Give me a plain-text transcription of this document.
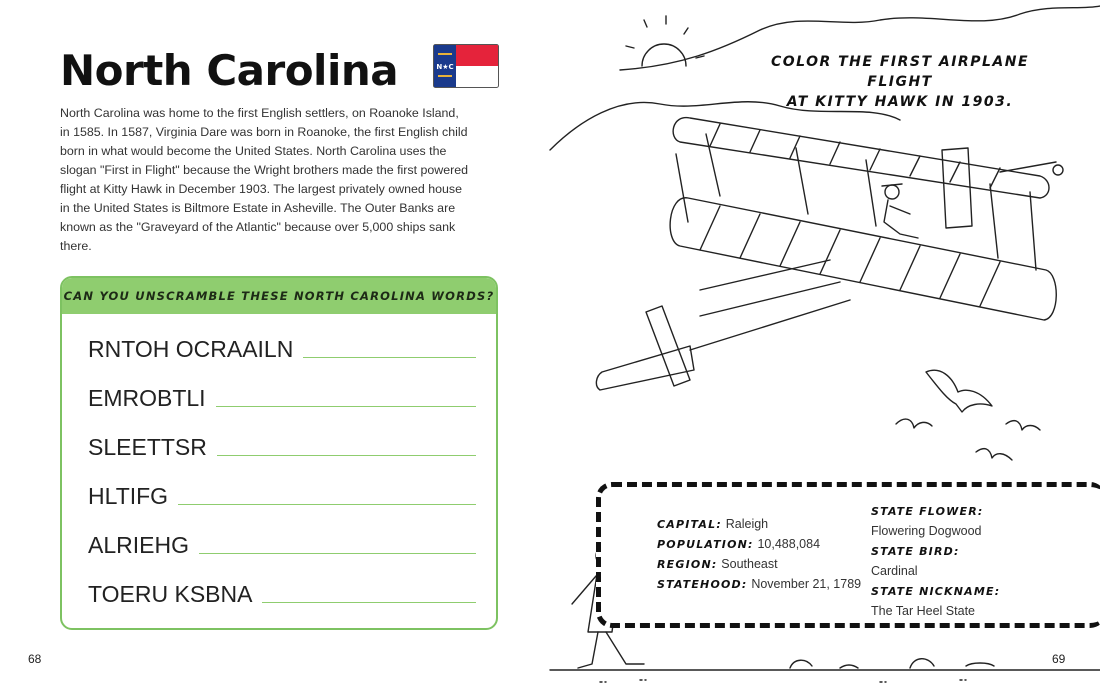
North Carolina	N★C

North Carolina was home to the first English settlers, on Roanoke Island, in 1585. In 1587, Virginia Dare was born in Roanoke, the first English child born in what would become the United States. North Carolina uses the slogan "First in Flight" because the Wright brothers made the first powered flight at Kitty Hawk in December 1903. The largest privately owned house in the United States is Biltmore Estate in Asheville. The Outer Banks are known as the "Graveyard of the Atlantic" because over 5,000 ships sank there.

CAN YOU UNSCRAMBLE THESE NORTH CAROLINA WORDS?
RNTOH OCRAAILN
EMROBTLI
SLEETTSR
HLTIFG
ALRIEHG
TOERU KSBNA
68
COLOR THE FIRST AIRPLANE FLIGHT
AT KITTY HAWK IN 1903.
CAPITAL: Raleigh
POPULATION: 10,488,084
REGION: Southeast
STATEHOOD: November 21, 1789
STATE FLOWER:
Flowering Dogwood
STATE BIRD:
Cardinal
STATE NICKNAME:
The Tar Heel State
69
